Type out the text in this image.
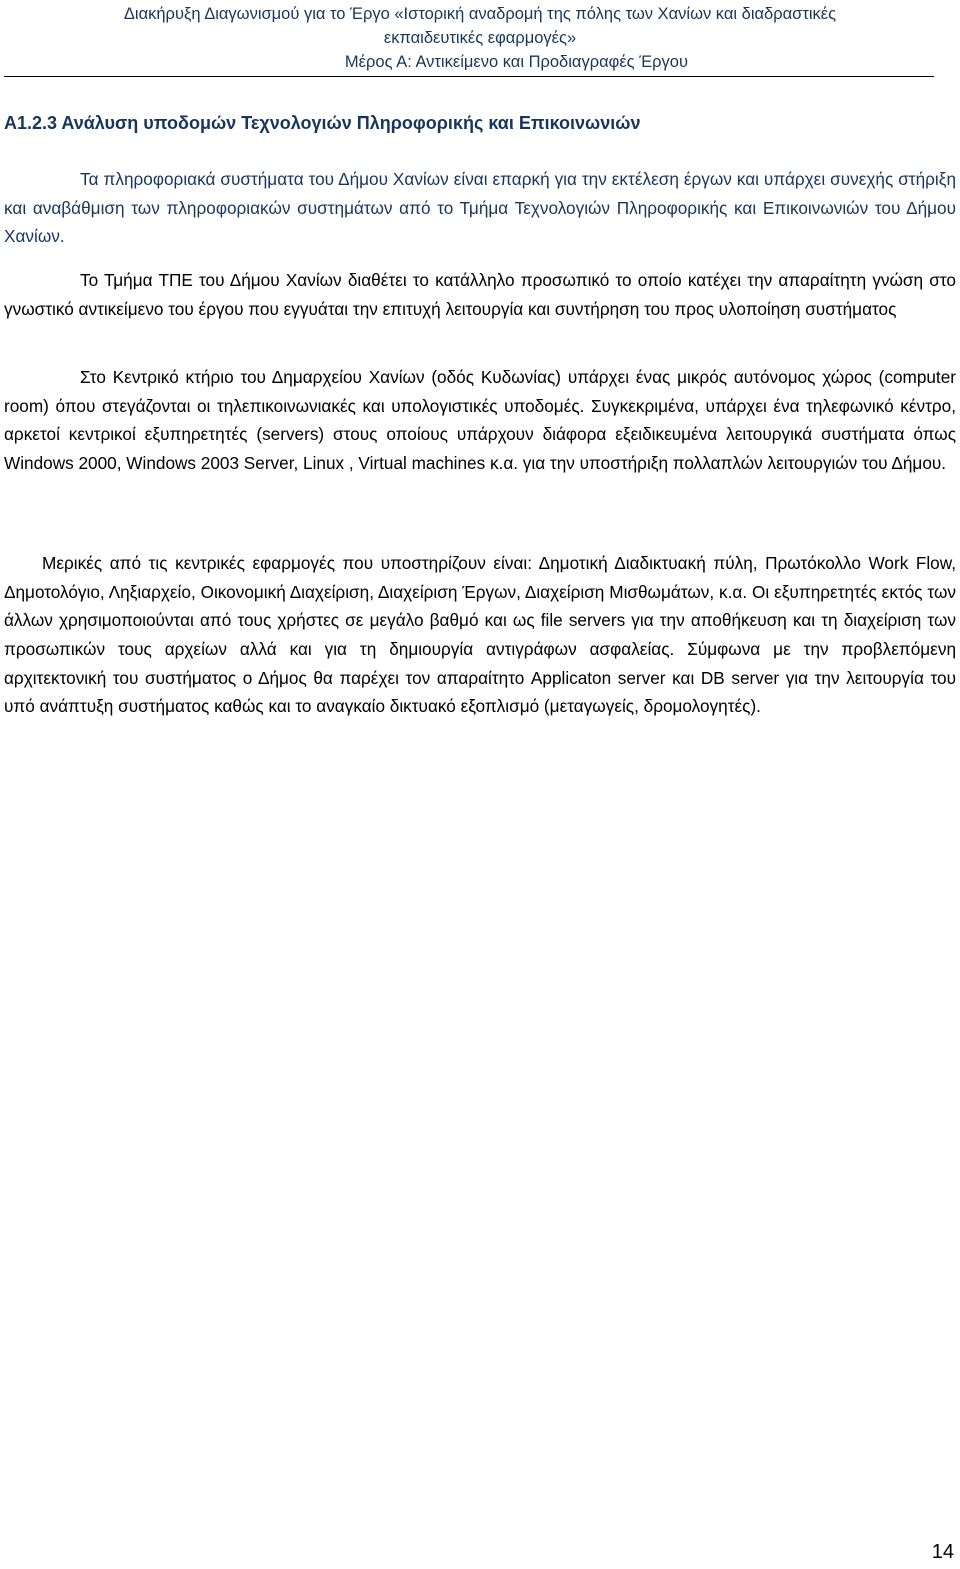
Διακήρυξη Διαγωνισμού για το Έργο «Ιστορική αναδρομή της πόλης των Χανίων και διαδραστικές
εκπαιδευτικές εφαρμογές»
Μέρος Α: Αντικείμενο και Προδιαγραφές Έργου
Α1.2.3 Ανάλυση υποδομών Τεχνολογιών Πληροφορικής και Επικοινωνιών

Τα πληροφοριακά συστήματα του Δήμου Χανίων είναι επαρκή για την εκτέλεση έργων και υπάρχει συνεχής στήριξη και αναβάθμιση των πληροφοριακών συστημάτων από το Τμήμα Τεχνολογιών Πληροφορικής και Επικοινωνιών του Δήμου Χανίων.

Το Τμήμα ΤΠΕ του Δήμου Χανίων διαθέτει το κατάλληλο προσωπικό το οποίο κατέχει την απαραίτητη γνώση στο γνωστικό αντικείμενο του έργου που εγγυάται την επιτυχή λειτουργία και συντήρηση του προς υλοποίηση συστήματος

Στο Κεντρικό κτήριο του Δημαρχείου Χανίων (οδός Κυδωνίας) υπάρχει ένας μικρός αυτόνομος χώρος (computer room) όπου στεγάζονται οι τηλεπικοινωνιακές και υπολογιστικές υποδομές. Συγκεκριμένα, υπάρχει ένα τηλεφωνικό κέντρο, αρκετοί κεντρικοί εξυπηρετητές (servers) στους οποίους υπάρχουν διάφορα εξειδικευμένα λειτουργικά συστήματα όπως Windows 2000, Windows 2003 Server, Linux , Virtual machines κ.α. για την υποστήριξη πολλαπλών λειτουργιών του Δήμου.

Μερικές από τις κεντρικές εφαρμογές που υποστηρίζουν είναι: Δημοτική Διαδικτυακή πύλη, Πρωτόκολλο Work Flow, Δημοτολόγιο, Ληξιαρχείο, Οικονομική Διαχείριση, Διαχείριση Έργων, Διαχείριση Μισθωμάτων, κ.α. Οι εξυπηρετητές εκτός των άλλων χρησιμοποιούνται από τους χρήστες σε μεγάλο βαθμό και ως file servers για την αποθήκευση και τη διαχείριση των προσωπικών τους αρχείων αλλά και για τη δημιουργία αντιγράφων ασφαλείας. Σύμφωνα με την προβλεπόμενη αρχιτεκτονική του συστήματος ο Δήμος θα παρέχει τον απαραίτητο Applicaton server και DB server για την λειτουργία του υπό ανάπτυξη συστήματος καθώς και το αναγκαίο δικτυακό εξοπλισμό (μεταγωγείς, δρομολογητές).

14
